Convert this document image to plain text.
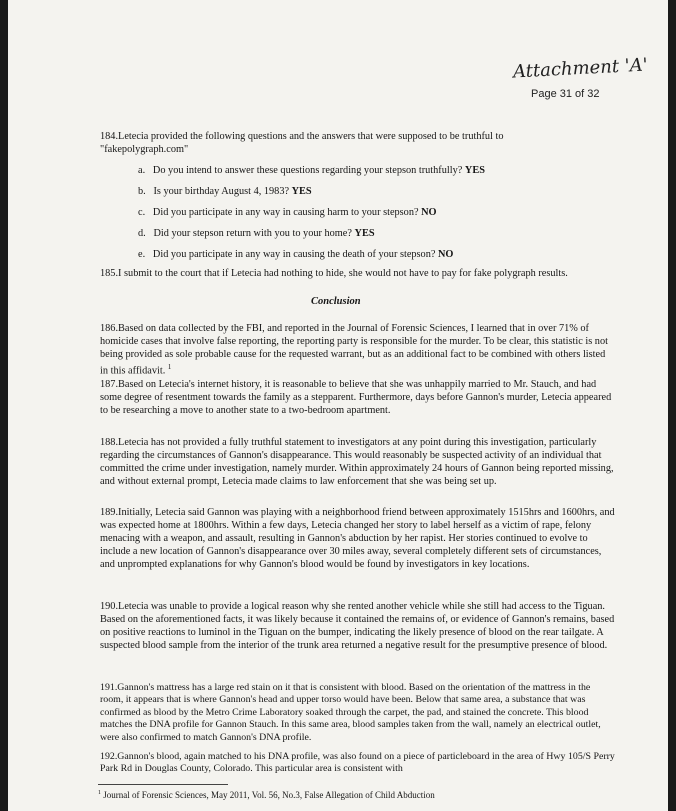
Attachment 'A'
Page 31 of 32
184.Letecia provided the following questions and the answers that were supposed to be truthful to "fakepolygraph.com"
a. Do you intend to answer these questions regarding your stepson truthfully? YES
b. Is your birthday August 4, 1983? YES
c. Did you participate in any way in causing harm to your stepson? NO
d. Did your stepson return with you to your home? YES
e. Did you participate in any way in causing the death of your stepson? NO
185.I submit to the court that if Letecia had nothing to hide, she would not have to pay for fake polygraph results.
Conclusion
186.Based on data collected by the FBI, and reported in the Journal of Forensic Sciences, I learned that in over 71% of homicide cases that involve false reporting, the reporting party is responsible for the murder. To be clear, this statistic is not being provided as sole probable cause for the requested warrant, but as an additional fact to be combined with others listed in this affidavit. $^1$
187.Based on Letecia's internet history, it is reasonable to believe that she was unhappily married to Mr. Stauch, and had some degree of resentment towards the family as a stepparent. Furthermore, days before Gannon's murder, Letecia appeared to be researching a move to another state to a two-bedroom apartment.
188.Letecia has not provided a fully truthful statement to investigators at any point during this investigation, particularly regarding the circumstances of Gannon's disappearance. This would reasonably be suspected activity of an individual that committed the crime under investigation, namely murder. Within approximately 24 hours of Gannon being reported missing, and without external prompt, Letecia made claims to law enforcement that she was being set up.
189.Initially, Letecia said Gannon was playing with a neighborhood friend between approximately 1515hrs and 1600hrs, and was expected home at 1800hrs. Within a few days, Letecia changed her story to label herself as a victim of rape, felony menacing with a weapon, and assault, resulting in Gannon's abduction by her rapist. Her stories continued to evolve to include a new location of Gannon's disappearance over 30 miles away, several completely different sets of circumstances, and unprompted explanations for why Gannon's blood would be found by investigators in key locations.
190.Letecia was unable to provide a logical reason why she rented another vehicle while she still had access to the Tiguan. Based on the aforementioned facts, it was likely because it contained the remains of, or evidence of Gannon's remains, based on positive reactions to luminol in the Tiguan on the bumper, indicating the likely presence of blood on the rear tailgate. A suspected blood sample from the interior of the trunk area returned a negative result for the presumptive presence of blood.
191.Gannon's mattress has a large red stain on it that is consistent with blood. Based on the orientation of the mattress in the room, it appears that is where Gannon's head and upper torso would have been. Below that same area, a substance that was confirmed as blood by the Metro Crime Laboratory soaked through the carpet, the pad, and stained the concrete. This blood matches the DNA profile for Gannon Stauch. In this same area, blood samples taken from the wall, namely an electrical outlet, were also confirmed to match Gannon's DNA profile.
192.Gannon's blood, again matched to his DNA profile, was also found on a piece of particleboard in the area of Hwy 105/S Perry Park Rd in Douglas County, Colorado. This particular area is consistent with
$^1$ Journal of Forensic Sciences, May 2011, Vol. 56, No.3, False Allegation of Child Abduction
